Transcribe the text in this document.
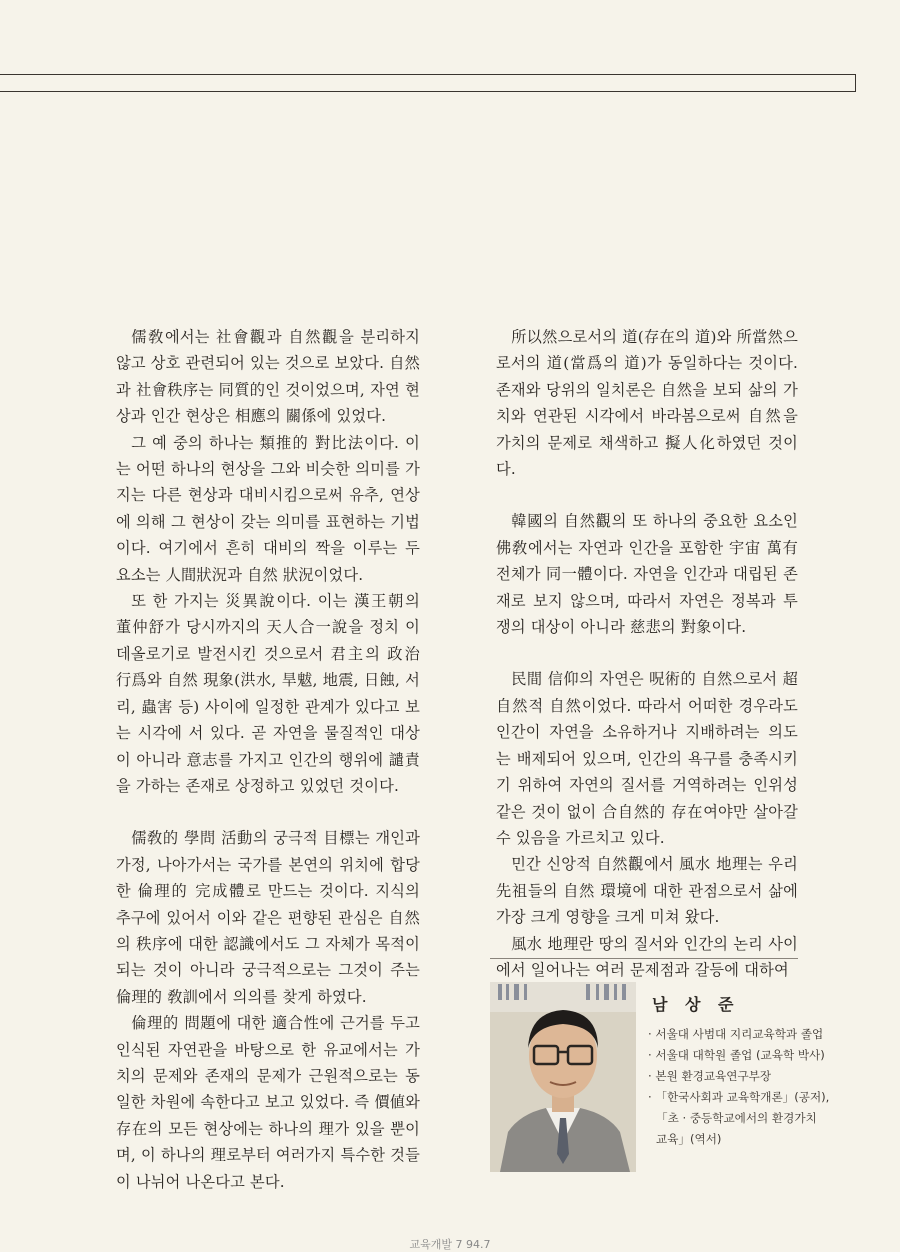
儒敎에서는 社會觀과 自然觀을 분리하지 않고 상호 관련되어 있는 것으로 보았다. 自然과 社會秩序는 同質的인 것이었으며, 자연 현상과 인간 현상은 相應의 關係에 있었다.

그 예 중의 하나는 類推的 對比法이다. 이는 어떤 하나의 현상을 그와 비슷한 의미를 가지는 다른 현상과 대비시킴으로써 유추, 연상에 의해 그 현상이 갖는 의미를 표현하는 기법이다. 여기에서 흔히 대비의 짝을 이루는 두 요소는 人間狀況과 自然 狀況이었다.

또 한 가지는 災異說이다. 이는 漢王朝의 董仲舒가 당시까지의 天人合一說을 정치 이데올로기로 발전시킨 것으로서 君主의 政治 行爲와 自然 現象(洪水, 旱魃, 地震, 日蝕, 서리, 蟲害 등) 사이에 일정한 관계가 있다고 보는 시각에 서 있다. 곧 자연을 물질적인 대상이 아니라 意志를 가지고 인간의 행위에 譴責을 가하는 존재로 상정하고 있었던 것이다.

儒敎的 學問 活動의 궁극적 目標는 개인과 가정, 나아가서는 국가를 본연의 위치에 합당한 倫理的 完成體로 만드는 것이다. 지식의 추구에 있어서 이와 같은 편향된 관심은 自然의 秩序에 대한 認識에서도 그 자체가 목적이 되는 것이 아니라 궁극적으로는 그것이 주는 倫理的 敎訓에서 의의를 찾게 하였다.

倫理的 問題에 대한 適合性에 근거를 두고 인식된 자연관을 바탕으로 한 유교에서는 가치의 문제와 존재의 문제가 근원적으로는 동일한 차원에 속한다고 보고 있었다. 즉 價値와 存在의 모든 현상에는 하나의 理가 있을 뿐이며, 이 하나의 理로부터 여러가지 특수한 것들이 나뉘어 나온다고 본다.

所以然으로서의 道(存在의 道)와 所當然으로서의 道(當爲의 道)가 동일하다는 것이다. 존재와 당위의 일치론은 自然을 보되 삶의 가치와 연관된 시각에서 바라봄으로써 自然을 가치의 문제로 채색하고 擬人化하였던 것이다.

韓國의 自然觀의 또 하나의 중요한 요소인 佛敎에서는 자연과 인간을 포함한 宇宙 萬有 전체가 同一體이다. 자연을 인간과 대립된 존재로 보지 않으며, 따라서 자연은 정복과 투쟁의 대상이 아니라 慈悲의 對象이다.

民間 信仰의 자연은 呪術的 自然으로서 超自然적 自然이었다. 따라서 어떠한 경우라도 인간이 자연을 소유하거나 지배하려는 의도는 배제되어 있으며, 인간의 욕구를 충족시키기 위하여 자연의 질서를 거역하려는 인위성 같은 것이 없이 合自然的 存在여야만 살아갈 수 있음을 가르치고 있다.

민간 신앙적 自然觀에서 風水 地理는 우리 先祖들의 自然 環境에 대한 관점으로서 삶에 가장 크게 영향을 크게 미쳐 왔다.

風水 地理란 땅의 질서와 인간의 논리 사이에서 일어나는 여러 문제점과 갈등에 대하여

남 상 준
· 서울대 사범대 지리교육학과 졸업
· 서울대 대학원 졸업 (교육학 박사)
· 본원 환경교육연구부장
· 「한국사회과 교육학개론」(공저),
「초 · 중등학교에서의 환경가치
교육」(역서)
교육개발 7 94.7
